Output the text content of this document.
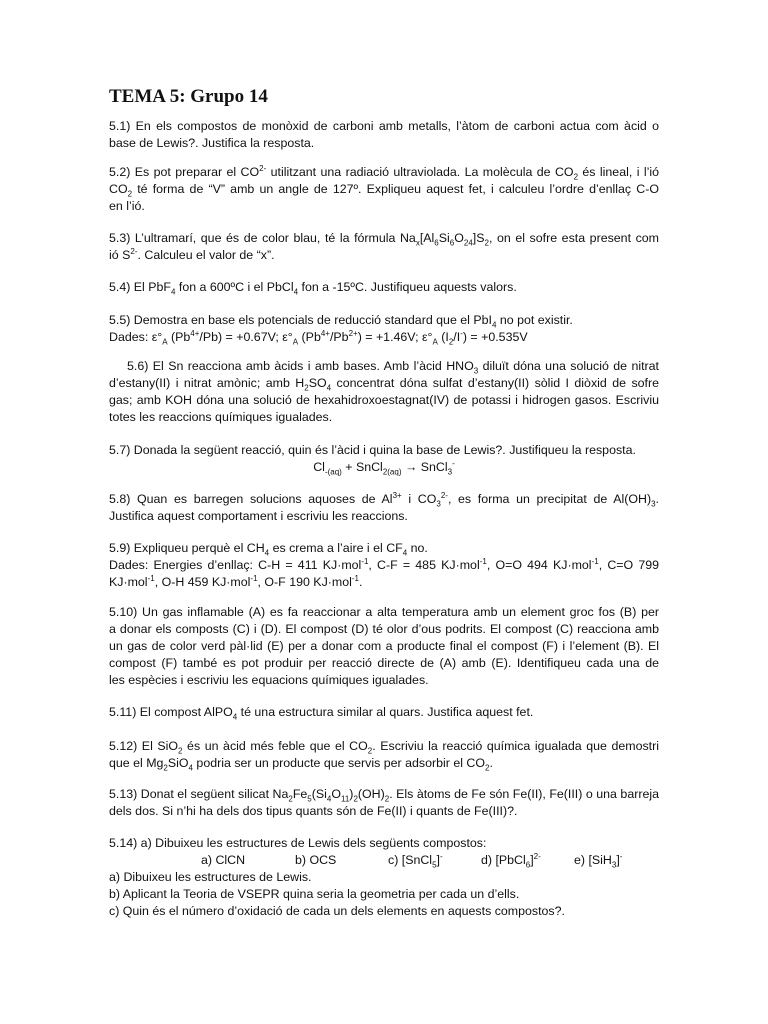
TEMA 5: Grupo 14

5.1) En els compostos de monòxid de carboni amb metalls, l’àtom de carboni actua com àcid o
base de Lewis?. Justifica la resposta.

5.2) Es pot preparar el $CO^{2-}$ utilitzant una radiació ultraviolada. La molècula de $CO_2$ és lineal, i l’ió
$CO_2$ té forma de “V” amb un angle de 127º. Expliqueu aquest fet, i calculeu l’ordre d’enllaç C-O
en l’ió.

5.3) L’ultramarí, que és de color blau, té la fórmula $Na_x[Al_6Si_6O_{24}]S_2$, on el sofre esta present com
ió $S^{2-}$. Calculeu el valor de “x”.

5.4) El PbF$_4$ fon a 600ºC i el PbCl$_4$ fon a -15ºC. Justifiqueu aquests valors.

5.5) Demostra en base els potencials de reducció standard que el PbI$_4$ no pot existir.
Dades: $\varepsilon^\circ_A$ $(Pb^{4+}/Pb) = +0.67V$; $\varepsilon^\circ_A$ $(Pb^{4+}/Pb^{2+}) = +1.46V$; $\varepsilon^\circ_A$ $(I_2/I^-) = +0.535V$

5.6) El Sn reacciona amb àcids i amb bases. Amb l’àcid $HNO_3$ diluït dóna una solució de nitrat
d’estany(II) i nitrat amònic; amb $H_2SO_4$ concentrat dóna sulfat d’estany(II) sòlid I diòxid de sofre
gas; amb KOH dóna una solució de hexahidroxoestagnat(IV) de potassi i hidrogen gasos. Escriviu
totes les reaccions químiques igualades.

5.7) Donada la següent reacció, quin és l’àcid i quina la base de Lewis?. Justifiqueu la resposta.
$Cl_{-(aq)}$ + SnCl$_{2(aq)}$ → SnCl$_3$-

5.8) Quan es barregen solucions aquoses de $Al^{3+}$ i $CO_3^{2-}$, es forma un precipitat de $Al(OH)_3$.
Justifica aquest comportament i escriviu les reaccions.

5.9) Expliqueu perquè el $CH_4$ es crema a l’aire i el $CF_4$ no.
Dades: Energies d’enllaç: C-H = 411 KJ·mol$^{-1}$, C-F = 485 KJ·mol$^{-1}$, O=O 494 KJ·mol$^{-1}$, C=O 799
KJ·mol$^{-1}$, O-H 459 KJ·mol$^{-1}$, O-F 190 KJ·mol$^{-1}$.

5.10) Un gas inflamable (A) es fa reaccionar a alta temperatura amb un element groc fos (B) per
a donar els composts (C) i (D). El compost (D) té olor d’ous podrits. El compost (C) reacciona amb
un gas de color verd pàl·lid (E) per a donar com a producte final el compost (F) i l’element (B). El
compost (F) també es pot produir per reacció directe de (A) amb (E). Identifiqueu cada una de
les espècies i escriviu les equacions químiques igualades.

5.11) El compost AlPO$_4$ té una estructura similar al quars. Justifica aquest fet.

5.12) El SiO$_2$ és un àcid més feble que el $CO_2$. Escriviu la reacció química igualada que demostri
que el $Mg_2SiO_4$ podria ser un producte que servis per adsorbir el $CO_2$.

5.13) Donat el següent silicat $Na_2Fe_5(Si_4O_{11})_2(OH)_2$. Els àtoms de Fe són Fe(II), Fe(III) o una barreja
dels dos. Si n’hi ha dels dos tipus quants són de Fe(II) i quants de Fe(III)?.

5.14) a) Dibuixeu les estructures de Lewis dels següents compostos:
a) ClCN	b) OCS	c) [SnCl$_5$]-	d) [PbCl$_6$]$^{2-}$	e) [SiH$_3$]-
a) Dibuixeu les estructures de Lewis.
b) Aplicant la Teoria de VSEPR quina seria la geometria per cada un d’ells.
c) Quin és el número d’oxidació de cada un dels elements en aquests compostos?.
